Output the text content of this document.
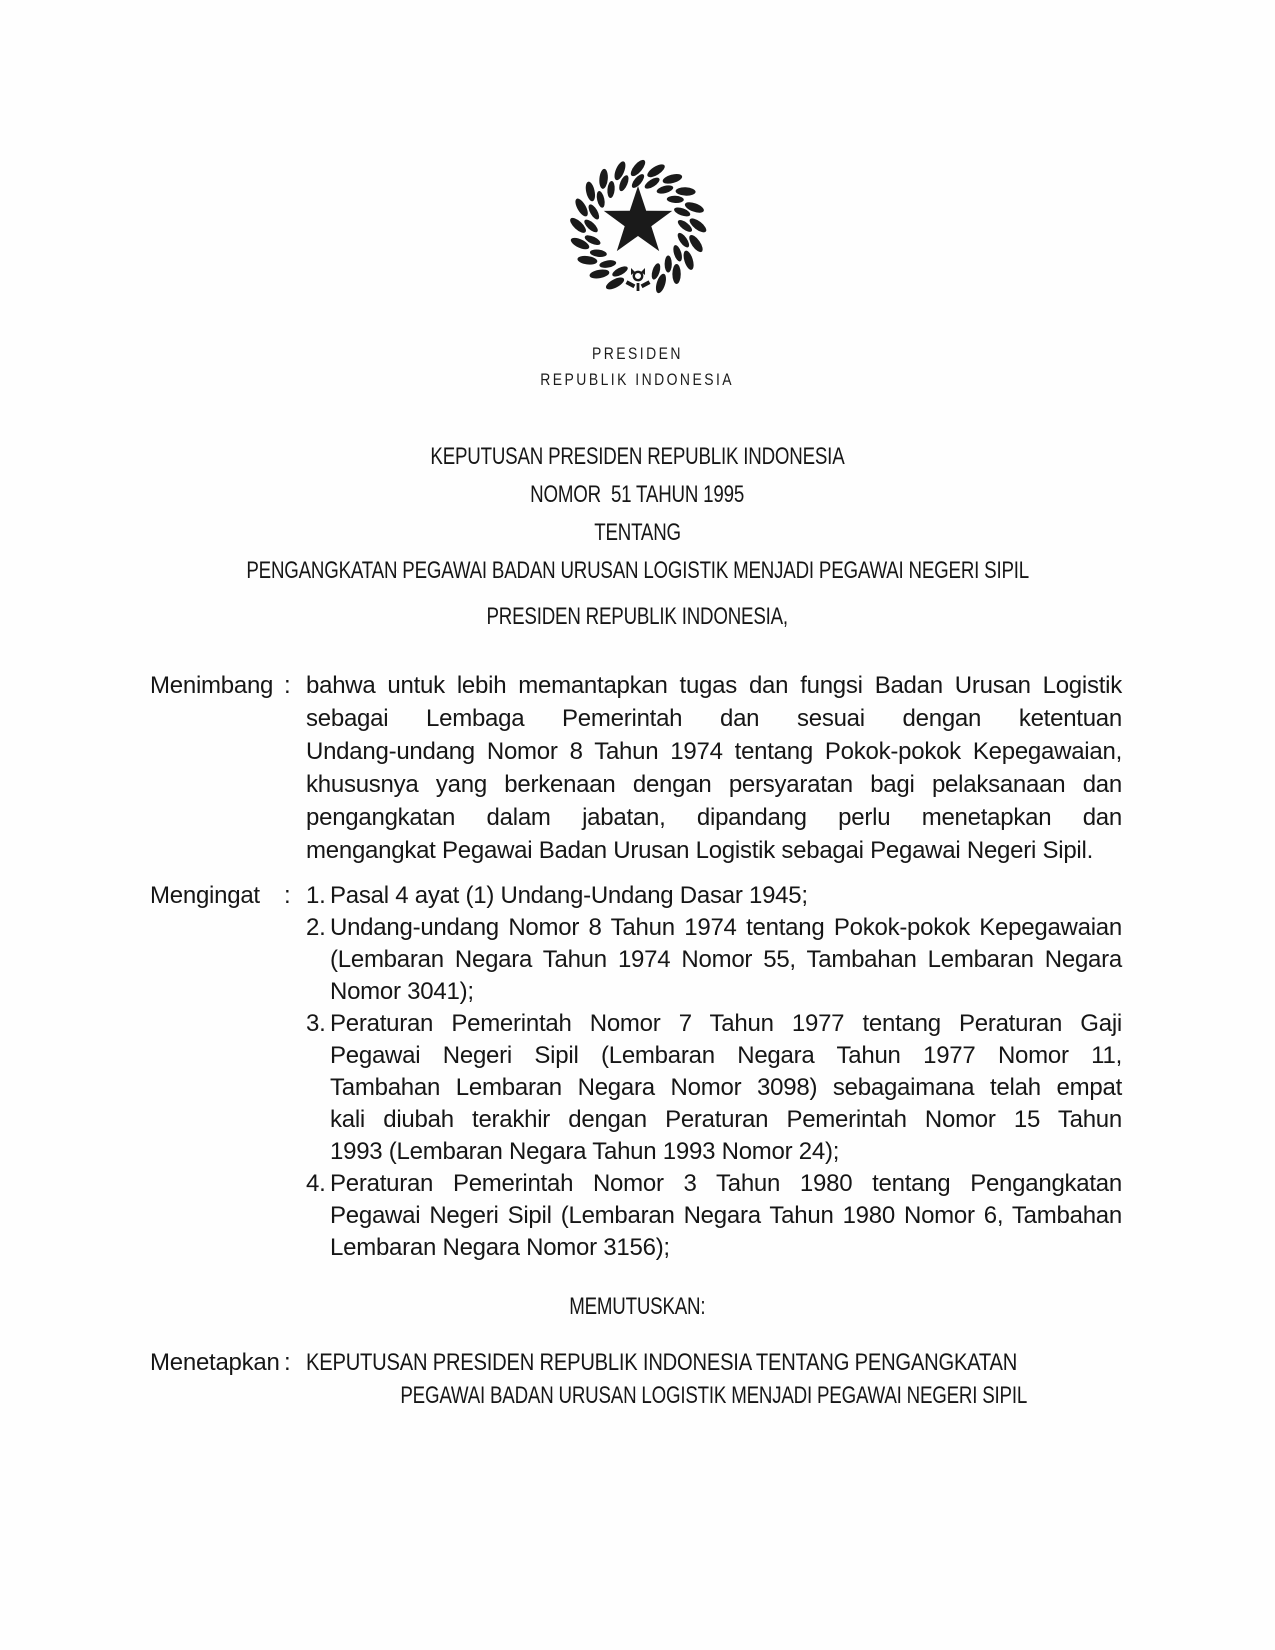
PRESIDEN
REPUBLIK INDONESIA
KEPUTUSAN PRESIDEN REPUBLIK INDONESIA
NOMOR  51 TAHUN 1995
TENTANG
PENGANGKATAN PEGAWAI BADAN URUSAN LOGISTIK MENJADI PEGAWAI NEGERI SIPIL
PRESIDEN REPUBLIK INDONESIA,
Menimbang : bahwa untuk lebih memantapkan tugas dan fungsi Badan Urusan Logistik
sebagai Lembaga Pemerintah dan sesuai dengan ketentuan
Undang-undang Nomor 8 Tahun 1974 tentang Pokok-pokok Kepegawaian,
khususnya yang berkenaan dengan persyaratan bagi pelaksanaan dan
pengangkatan dalam jabatan, dipandang perlu menetapkan dan
mengangkat Pegawai Badan Urusan Logistik sebagai Pegawai Negeri Sipil.
Mengingat	: 1. Pasal 4 ayat (1) Undang-Undang Dasar 1945;
2. Undang-undang Nomor 8 Tahun 1974 tentang Pokok-pokok Kepegawaian
(Lembaran Negara Tahun 1974 Nomor 55, Tambahan Lembaran Negara
Nomor 3041);
3. Peraturan Pemerintah Nomor 7 Tahun 1977 tentang Peraturan Gaji
Pegawai Negeri Sipil (Lembaran Negara Tahun 1977 Nomor 11,
Tambahan Lembaran Negara Nomor 3098) sebagaimana telah empat
kali diubah terakhir dengan Peraturan Pemerintah Nomor 15 Tahun
1993 (Lembaran Negara Tahun 1993 Nomor 24);
4. Peraturan Pemerintah Nomor 3 Tahun 1980 tentang Pengangkatan
Pegawai Negeri Sipil (Lembaran Negara Tahun 1980 Nomor 6, Tambahan
Lembaran Negara Nomor 3156);
MEMUTUSKAN:
Menetapkan : KEPUTUSAN PRESIDEN REPUBLIK INDONESIA TENTANG PENGANGKATAN
PEGAWAI BADAN URUSAN LOGISTIK MENJADI PEGAWAI NEGERI SIPIL
